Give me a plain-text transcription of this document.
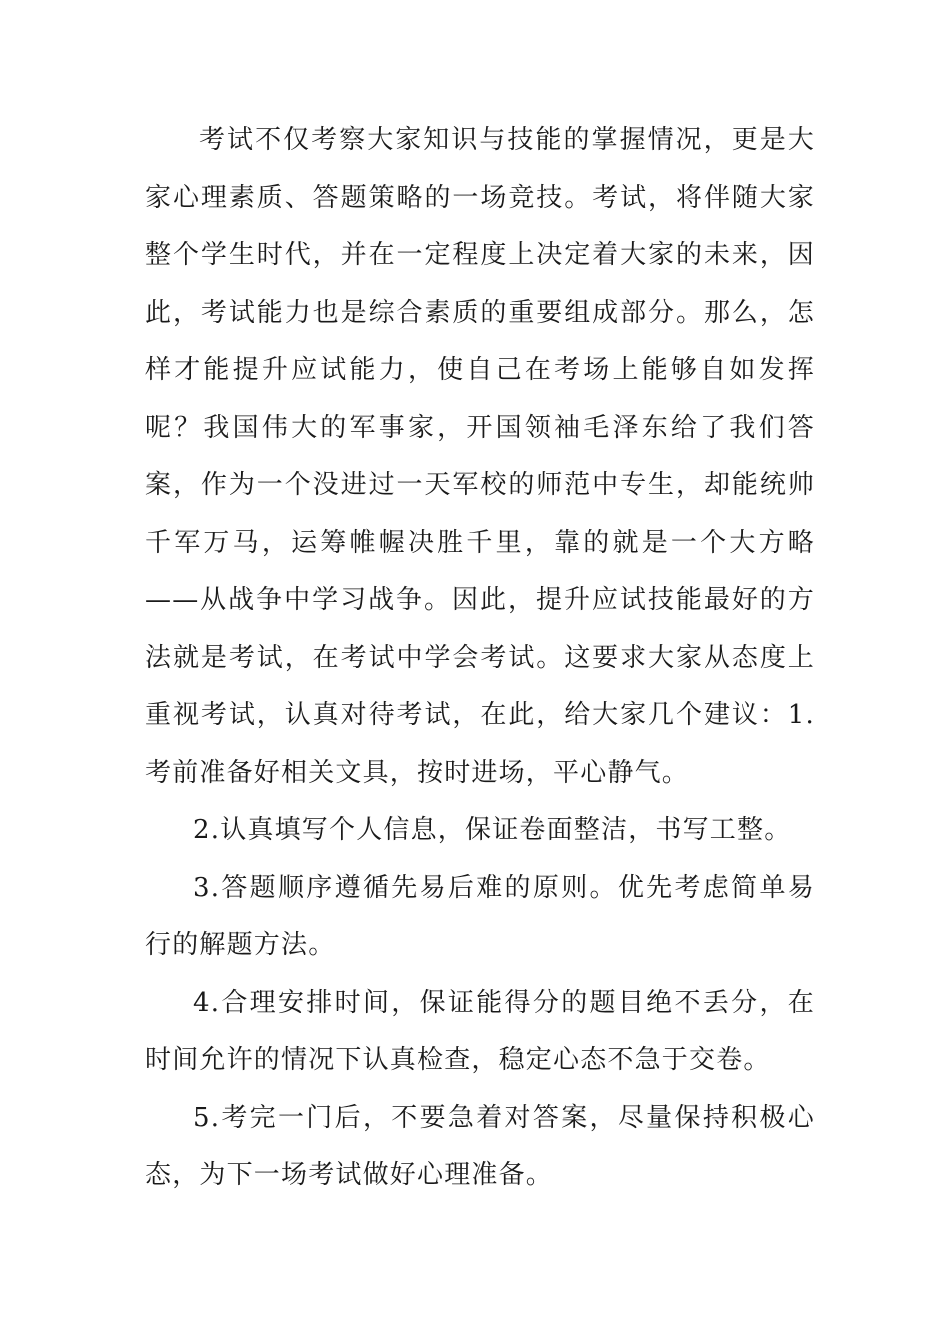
考试不仅考察大家知识与技能的掌握情况，更是大家心理素质、答题策略的一场竞技。考试，将伴随大家整个学生时代，并在一定程度上决定着大家的未来，因此，考试能力也是综合素质的重要组成部分。那么，怎样才能提升应试能力，使自己在考场上能够自如发挥呢？我国伟大的军事家，开国领袖毛泽东给了我们答案，作为一个没进过一天军校的师范中专生，却能统帅千军万马，运筹帷幄决胜千里，靠的就是一个大方略——从战争中学习战争。因此，提升应试技能最好的方法就是考试，在考试中学会考试。这要求大家从态度上重视考试，认真对待考试，在此，给大家几个建议：1.考前准备好相关文具，按时进场，平心静气。

2.认真填写个人信息，保证卷面整洁，书写工整。

3.答题顺序遵循先易后难的原则。优先考虑简单易行的解题方法。

4.合理安排时间，保证能得分的题目绝不丢分，在时间允许的情况下认真检查，稳定心态不急于交卷。

5.考完一门后，不要急着对答案，尽量保持积极心态，为下一场考试做好心理准备。
